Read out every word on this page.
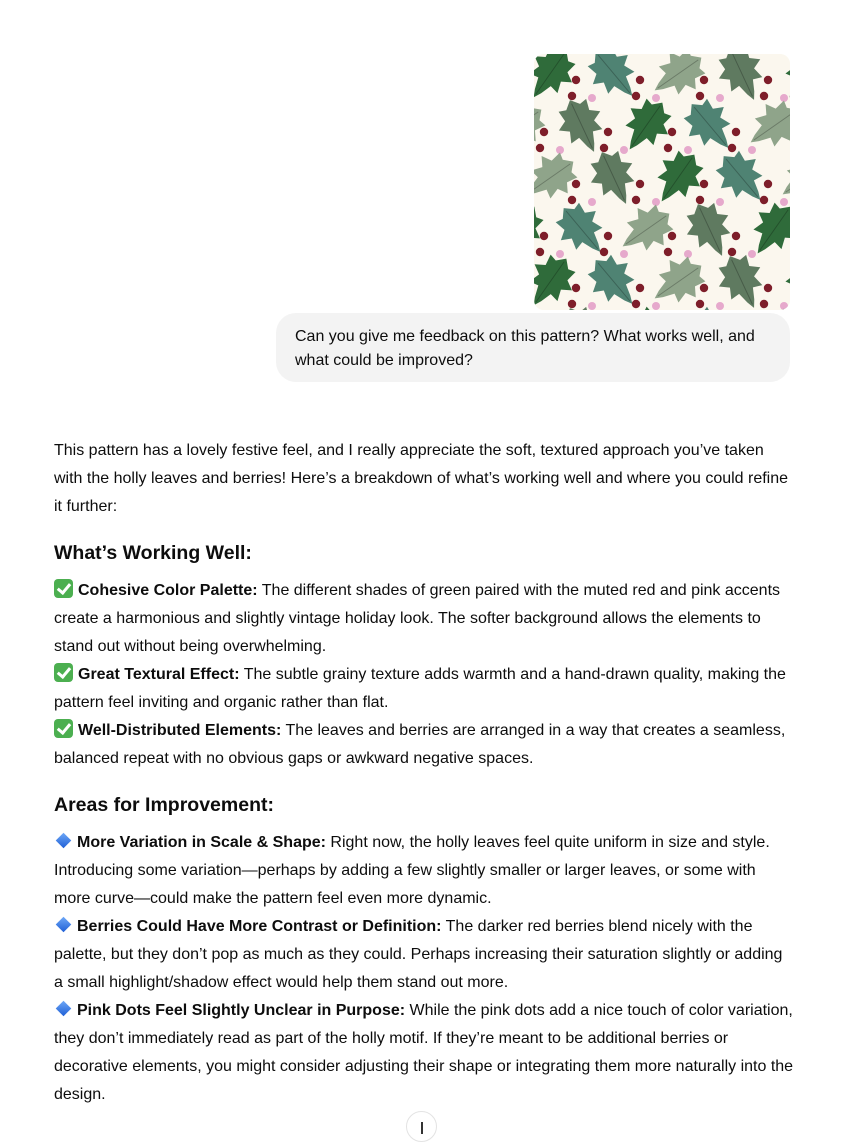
Can you give me feedback on this pattern? What works well, and what could be improved?

This pattern has a lovely festive feel, and I really appreciate the soft, textured approach you’ve taken with the holly leaves and berries! Here’s a breakdown of what’s working well and where you could refine it further:

What’s Working Well:

Cohesive Color Palette: The different shades of green paired with the muted red and pink accents create a harmonious and slightly vintage holiday look. The softer background allows the elements to stand out without being overwhelming.

Great Textural Effect: The subtle grainy texture adds warmth and a hand-drawn quality, making the pattern feel inviting and organic rather than flat.

Well-Distributed Elements: The leaves and berries are arranged in a way that creates a seamless, balanced repeat with no obvious gaps or awkward negative spaces.

Areas for Improvement:

More Variation in Scale & Shape: Right now, the holly leaves feel quite uniform in size and style. Introducing some variation—perhaps by adding a few slightly smaller or larger leaves, or some with more curve—could make the pattern feel even more dynamic.

Berries Could Have More Contrast or Definition: The darker red berries blend nicely with the palette, but they don’t pop as much as they could. Perhaps increasing their saturation slightly or adding a small highlight/shadow effect would help them stand out more.

Pink Dots Feel Slightly Unclear in Purpose: While the pink dots add a nice touch of color variation, they don’t immediately read as part of the holly motif. If they’re meant to be additional berries or decorative elements, you might consider adjusting their shape or integrating them more naturally into the design.
